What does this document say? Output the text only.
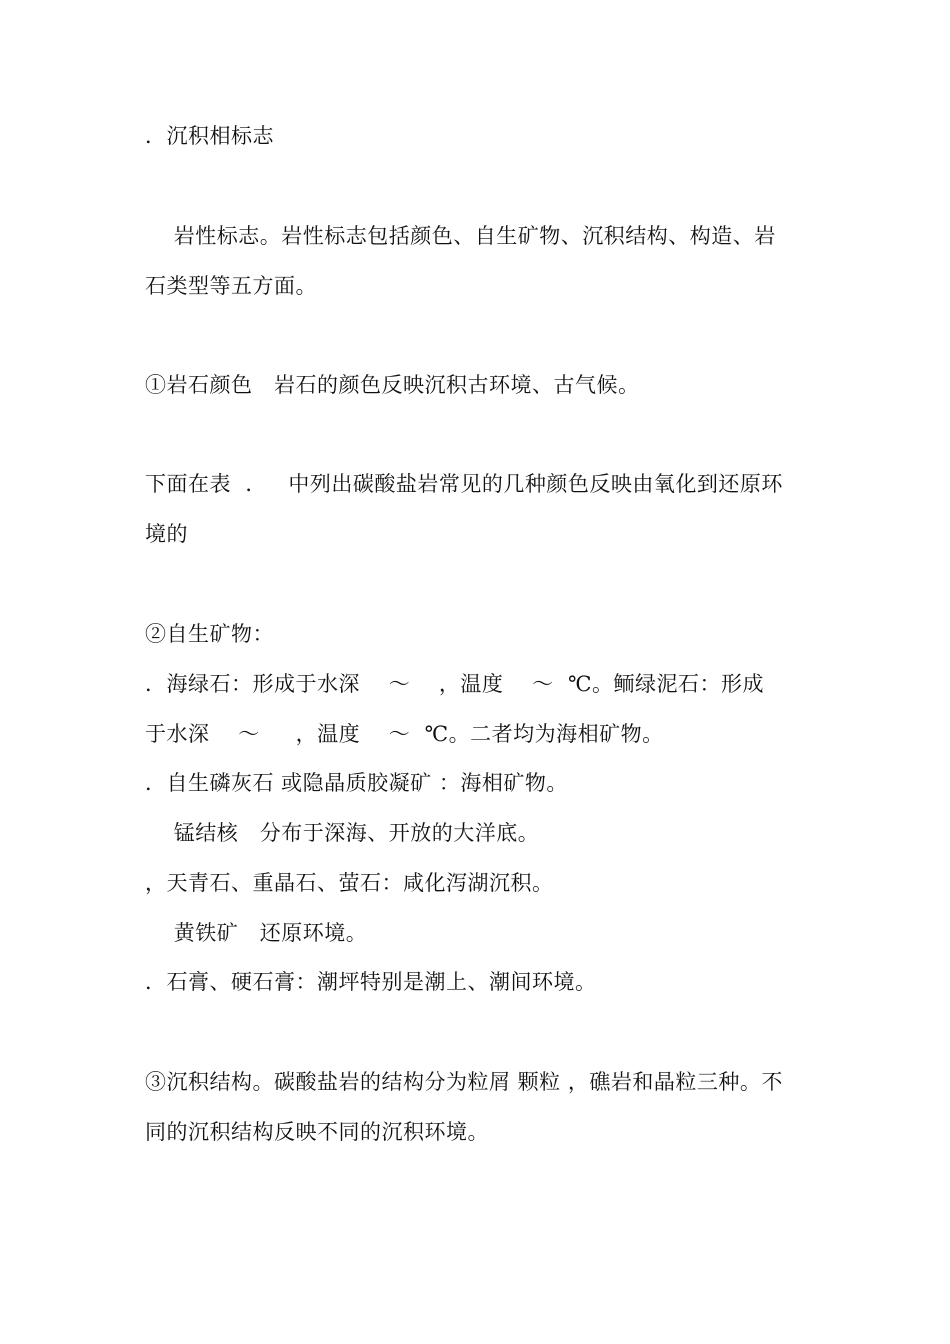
．沉积相标志
岩性标志。岩性标志包括颜色、自生矿物、沉积结构、构造、岩
石类型等五方面。
①岩石颜色   岩石的颜色反映沉积古环境、古气候。
下面在表  ．   中列出碳酸盐岩常见的几种颜色反映由氧化到还原环
境的
②自生矿物：
．海绿石：形成于水深    ～    ，温度    ～  ℃。鲕绿泥石：形成
于水深    ～     ，温度    ～  ℃。二者均为海相矿物。
．自生磷灰石 或隐晶质胶凝矿 ：海相矿物。
锰结核   分布于深海、开放的大洋底。
，天青石、重晶石、萤石：咸化泻湖沉积。
黄铁矿   还原环境。
．石膏、硬石膏：潮坪特别是潮上、潮间环境。
③沉积结构。碳酸盐岩的结构分为粒屑 颗粒 ，礁岩和晶粒三种。不
同的沉积结构反映不同的沉积环境。
